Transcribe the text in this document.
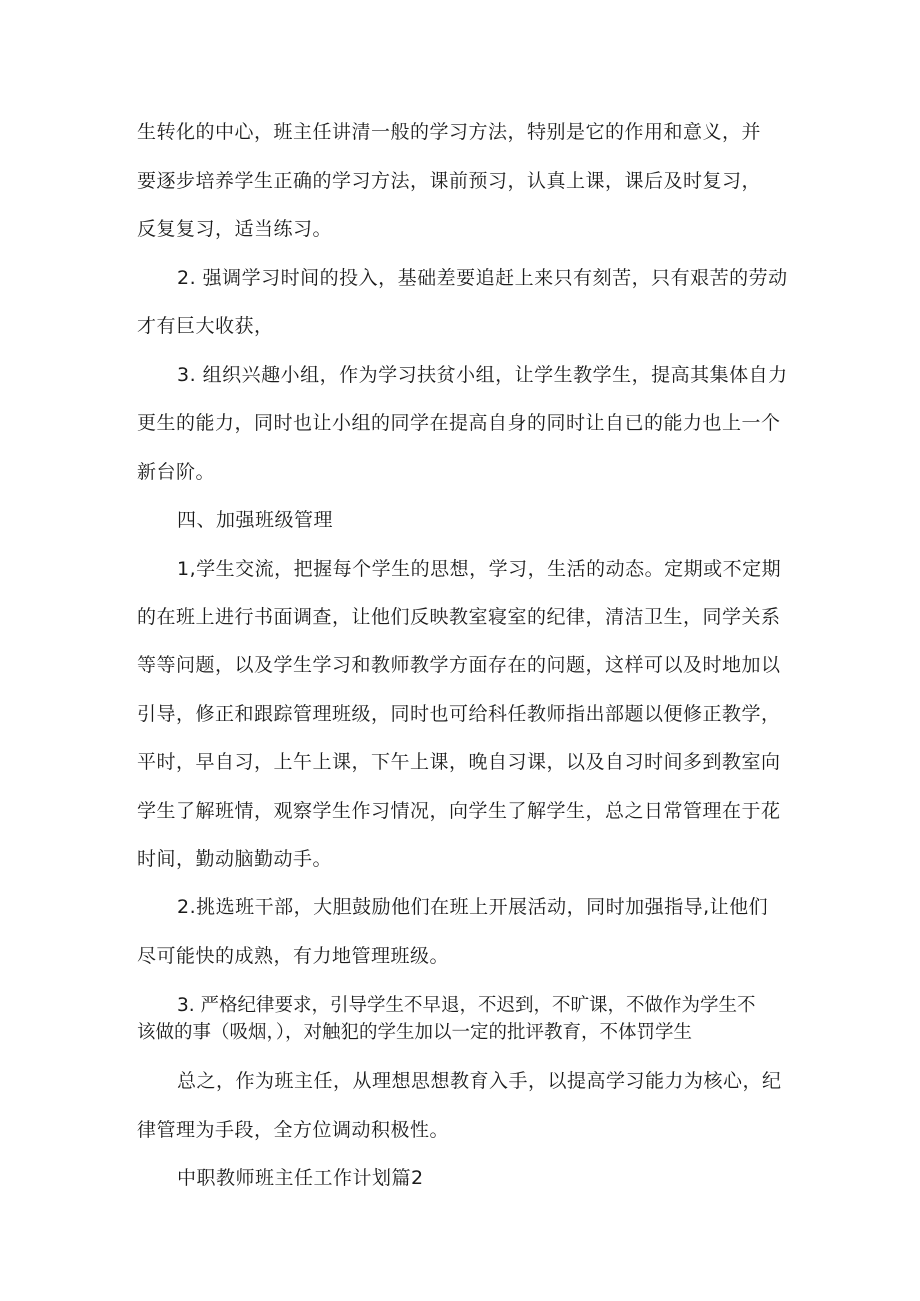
生转化的中心，班主任讲清一般的学习方法，特别是它的作用和意义，并
要逐步培养学生正确的学习方法，课前预习，认真上课，课后及时复习，
反复复习，适当练习。
2. 强调学习时间的投入，基础差要追赶上来只有刻苦，只有艰苦的劳动
才有巨大收获，
3. 组织兴趣小组，作为学习扶贫小组，让学生教学生，提高其集体自力
更生的能力，同时也让小组的同学在提高自身的同时让自已的能力也上一个
新台阶。
四、加强班级管理
1,学生交流，把握每个学生的思想，学习，生活的动态。定期或不定期
的在班上进行书面调查，让他们反映教室寝室的纪律，清洁卫生，同学关系
等等问题，以及学生学习和教师教学方面存在的问题，这样可以及时地加以
引导，修正和跟踪管理班级，同时也可给科任教师指出部题以便修正教学，
平时，早自习，上午上课，下午上课，晚自习课，以及自习时间多到教室向
学生了解班情，观察学生作习情况，向学生了解学生，总之日常管理在于花
时间，勤动脑勤动手。
2.挑选班干部，大胆鼓励他们在班上开展活动，同时加强指导,让他们
尽可能快的成熟，有力地管理班级。
3. 严格纪律要求，引导学生不早退，不迟到，不旷课，不做作为学生不
该做的事（吸烟，），对触犯的学生加以一定的批评教育，不体罚学生
总之，作为班主任，从理想思想教育入手，以提高学习能力为核心，纪
律管理为手段，全方位调动积极性。
中职教师班主任工作计划篇2
